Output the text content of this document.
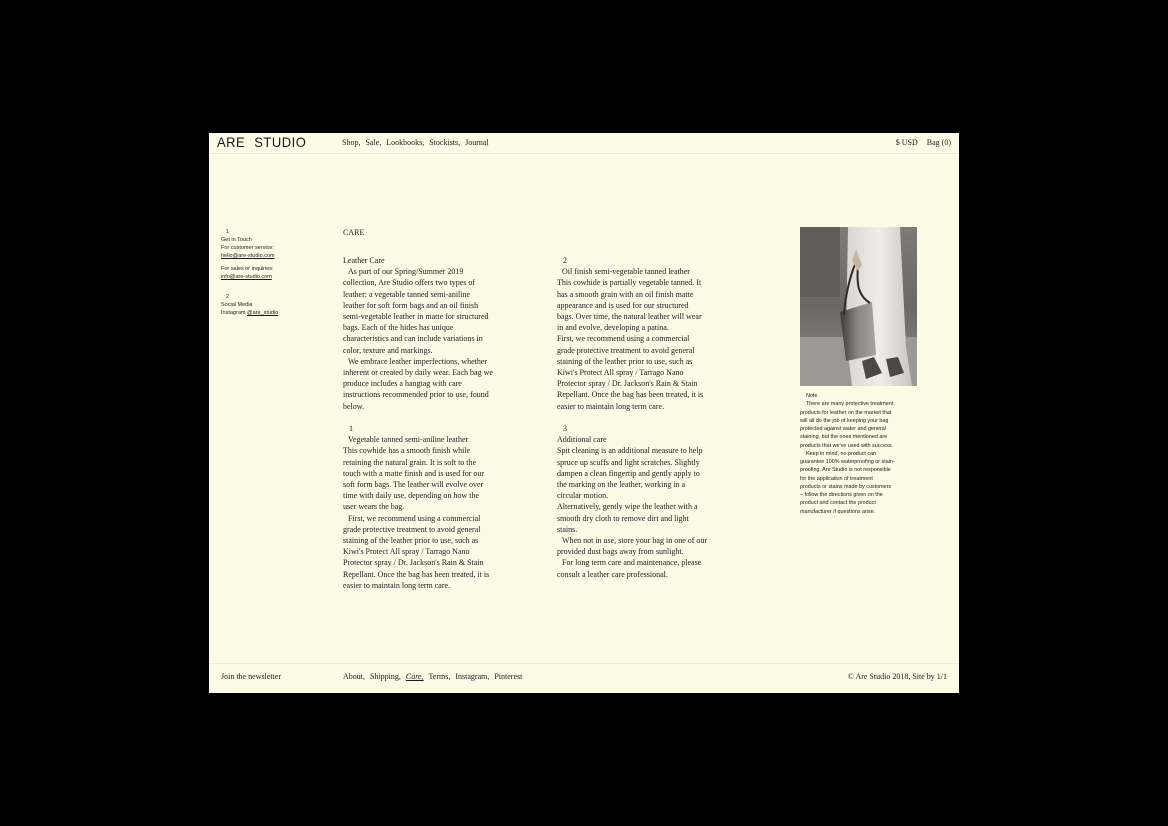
ARE STUDIO	Shop, Sale, Lookbooks, Stockists, Journal	$ USD Bag (0)
1
Get in Touch
For customer service:
hello@are-studio.com
For sales or inquiries:
info@are-studio.com
2
Social Media
Instagram @are_studio
CARE

Leather Care

As part of our Spring/Summer 2019

collection, Are Studio offers two types of

leather: a vegetable tanned semi-aniline

leather for soft form bags and an oil finish

semi-vegetable leather in matte for structured

bags. Each of the hides has unique

characteristics and can include variations in

color, texture and markings.

We embrace leather imperfections, whether

inherent or created by daily wear. Each bag we

produce includes a hangtag with care

instructions recommended prior to use, found

below.

1

Vegetable tanned semi-aniline leather

This cowhide has a smooth finish while

retaining the natural grain. It is soft to the

touch with a matte finish and is used for our

soft form bags. The leather will evolve over

time with daily use, depending on how the

user wears the bag.

First, we recommend using a commercial

grade protective treatment to avoid general

staining of the leather prior to use, such as

Kiwi's Protect All spray / Tarrago Nano

Protector spray / Dr. Jackson's Rain & Stain

Repellant. Once the bag has been treated, it is

easier to maintain long term care.

2

Oil finish semi-vegetable tanned leather

This cowhide is partially vegetable tanned. It

has a smooth grain with an oil finish matte

appearance and is used for our structured

bags. Over time, the natural leather will wear

in and evolve, developing a patina.

First, we recommend using a commercial

grade protective treatment to avoid general

staining of the leather prior to use, such as

Kiwi's Protect All spray / Tarrago Nano

Protector spray / Dr. Jackson's Rain & Stain

Repellant. Once the bag has been treated, it is

easier to maintain long term care.

3

Additional care

Spit cleaning is an additional measure to help

spruce up scuffs and light scratches. Slightly

dampen a clean fingertip and gently apply to

the marking on the leather, working in a

circular motion.

Alternatively, gently wipe the leather with a

smooth dry cloth to remove dirt and light

stains.

When not in use, store your bag in one of our

provided dust bags away from sunlight.

For long term care and maintenance, please

consult a leather care professional.

Note
There are many protective treatment
products for leather on the market that
will all do the job of keeping your bag
protected against water and general
staining, but the ones mentioned are
products that we've used with success.
Keep in mind, no product can
guarantee 100% waterproofing or stain-
proofing. Are Studio is not responsible
for the application of treatment
products or stains made by customers
– follow the directions given on the
product and contact the product
manufacturer if questions arise.
Join the newsletter	About, Shipping, Care, Terms, Instagram, Pinterest	© Are Studio 2018, Site by 1/1
